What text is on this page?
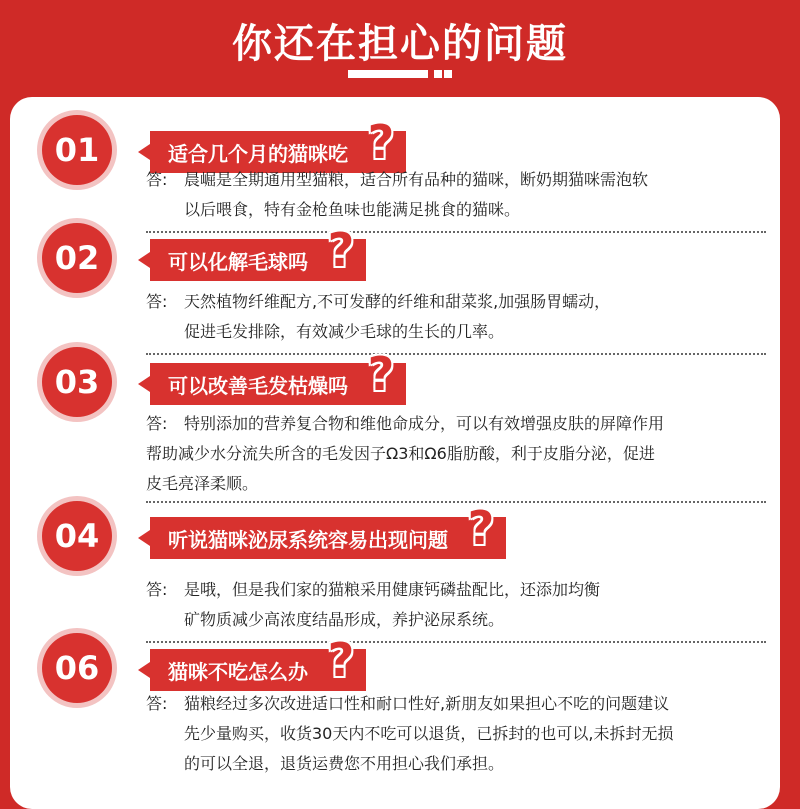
你还在担心的问题
01	适合几个月的猫咪吃 ?
答: 晨崛是全期通用型猫粮，适合所有品种的猫咪，断奶期猫咪需泡软
以后喂食，特有金枪鱼味也能满足挑食的猫咪。
02	可以化解毛球吗 ?
答: 天然植物纤维配方,不可发酵的纤维和甜菜浆,加强肠胃蠕动，
促进毛发排除，有效减少毛球的生长的几率。
03	可以改善毛发枯燥吗 ?
答: 特别添加的营养复合物和维他命成分，可以有效增强皮肤的屏障作用
帮助减少水分流失所含的毛发因子Ω3和Ω6脂肪酸，利于皮脂分泌，促进
皮毛亮泽柔顺。
04	听说猫咪泌尿系统容易出现问题 ?
答: 是哦，但是我们家的猫粮采用健康钙磷盐配比，还添加均衡
矿物质减少高浓度结晶形成，养护泌尿系统。
06	猫咪不吃怎么办 ?
答: 猫粮经过多次改进适口性和耐口性好,新朋友如果担心不吃的问题建议
先少量购买，收货30天内不吃可以退货，已拆封的也可以,未拆封无损
的可以全退，退货运费您不用担心我们承担。
